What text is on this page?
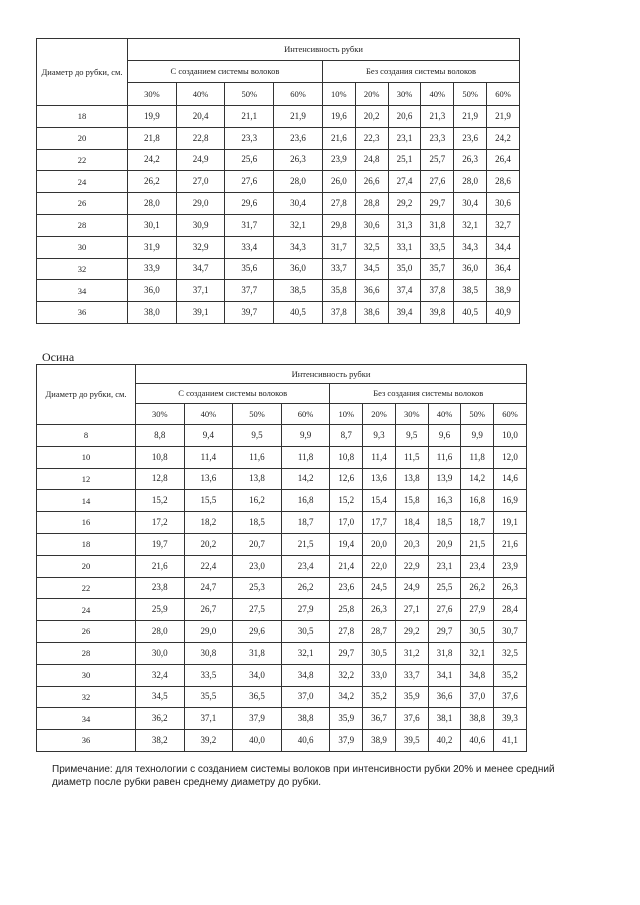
Диаметр до рубки, см.	Интенсивность рубки									
	С созданием системы волоков				Без создания системы волоков					
	30%	40%	50%	60%	10%	20%	30%	40%	50%	60%
18	19,9	20,4	21,1	21,9	19,6	20,2	20,6	21,3	21,9	21,9
20	21,8	22,8	23,3	23,6	21,6	22,3	23,1	23,3	23,6	24,2
22	24,2	24,9	25,6	26,3	23,9	24,8	25,1	25,7	26,3	26,4
24	26,2	27,0	27,6	28,0	26,0	26,6	27,4	27,6	28,0	28,6
26	28,0	29,0	29,6	30,4	27,8	28,8	29,2	29,7	30,4	30,6
28	30,1	30,9	31,7	32,1	29,8	30,6	31,3	31,8	32,1	32,7
30	31,9	32,9	33,4	34,3	31,7	32,5	33,1	33,5	34,3	34,4
32	33,9	34,7	35,6	36,0	33,7	34,5	35,0	35,7	36,0	36,4
34	36,0	37,1	37,7	38,5	35,8	36,6	37,4	37,8	38,5	38,9
36	38,0	39,1	39,7	40,5	37,8	38,6	39,4	39,8	40,5	40,9
Осина
Диаметр до рубки, см.	Интенсивность рубки									
	С созданием системы волоков				Без создания системы волоков					
	30%	40%	50%	60%	10%	20%	30%	40%	50%	60%
8	8,8	9,4	9,5	9,9	8,7	9,3	9,5	9,6	9,9	10,0
10	10,8	11,4	11,6	11,8	10,8	11,4	11,5	11,6	11,8	12,0
12	12,8	13,6	13,8	14,2	12,6	13,6	13,8	13,9	14,2	14,6
14	15,2	15,5	16,2	16,8	15,2	15,4	15,8	16,3	16,8	16,9
16	17,2	18,2	18,5	18,7	17,0	17,7	18,4	18,5	18,7	19,1
18	19,7	20,2	20,7	21,5	19,4	20,0	20,3	20,9	21,5	21,6
20	21,6	22,4	23,0	23,4	21,4	22,0	22,9	23,1	23,4	23,9
22	23,8	24,7	25,3	26,2	23,6	24,5	24,9	25,5	26,2	26,3
24	25,9	26,7	27,5	27,9	25,8	26,3	27,1	27,6	27,9	28,4
26	28,0	29,0	29,6	30,5	27,8	28,7	29,2	29,7	30,5	30,7
28	30,0	30,8	31,8	32,1	29,7	30,5	31,2	31,8	32,1	32,5
30	32,4	33,5	34,0	34,8	32,2	33,0	33,7	34,1	34,8	35,2
32	34,5	35,5	36,5	37,0	34,2	35,2	35,9	36,6	37,0	37,6
34	36,2	37,1	37,9	38,8	35,9	36,7	37,6	38,1	38,8	39,3
36	38,2	39,2	40,0	40,6	37,9	38,9	39,5	40,2	40,6	41,1
Примечание: для технологии с созданием системы волоков при интенсивности рубки 20% и менее средний диаметр после рубки равен среднему диаметру до рубки.
